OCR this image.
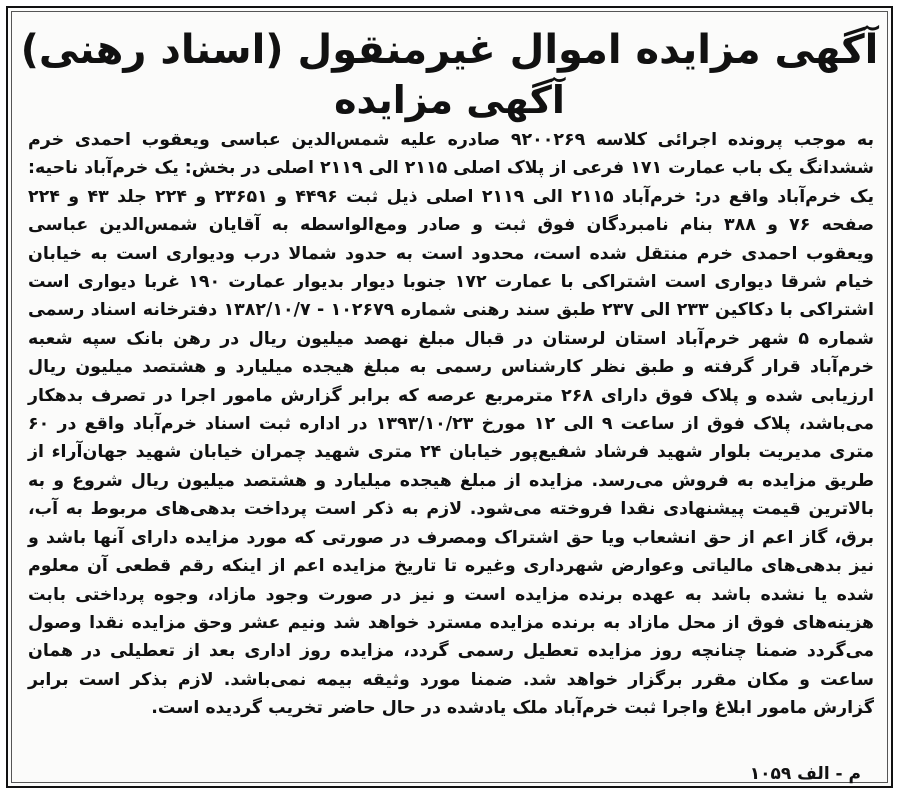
آگهی مزایده اموال غیرمنقول (اسناد رهنی)
آگهی مزایده

به موجب پرونده اجرائی کلاسه ۹۲۰۰۲۶۹ صادره علیه شمس‌الدین عباسی ویعقوب احمدی خرم ششدانگ یک باب عمارت ۱۷۱ فرعی از پلاک اصلی ۲۱۱۵ الی ۲۱۱۹ اصلی در بخش: یک خرم‌آباد ناحیه: یک خرم‌آباد واقع در: خرم‌آباد ۲۱۱۵ الی ۲۱۱۹ اصلی ذیل ثبت ۴۴۹۶ و ۲۳۶۵۱ و ۲۲۴ جلد ۴۳ و ۲۲۴ صفحه ۷۶ و ۳۸۸ بنام نامبردگان فوق ثبت و صادر ومع‌الواسطه به آقایان شمس‌الدین عباسی ویعقوب احمدی خرم منتقل شده است، محدود است به حدود شمالا درب ودیواری است به خیابان خیام شرقا دیواری است اشتراکی با عمارت ۱۷۲ جنوبا دیوار بدیوار عمارت ۱۹۰ غربا دیواری است اشتراکی با دکاکین ۲۳۳ الی ۲۳۷ طبق سند رهنی شماره ۱۰۲۶۷۹ - ۱۳۸۲/۱۰/۷ دفترخانه اسناد رسمی شماره ۵ شهر خرم‌آباد استان لرستان در قبال مبلغ نهصد میلیون ریال در رهن بانک سپه شعبه خرم‌آباد قرار گرفته و طبق نظر کارشناس رسمی به مبلغ هیجده میلیارد و هشتصد میلیون ریال ارزیابی شده و پلاک فوق دارای ۲۶۸ مترمربع عرصه که برابر گزارش مامور اجرا در تصرف بدهکار می‌باشد، پلاک فوق از ساعت ۹ الی ۱۲ مورخ ۱۳۹۳/۱۰/۲۳ در اداره ثبت اسناد خرم‌آباد واقع در ۶۰ متری مدیریت بلوار شهید فرشاد شفیع‌پور خیابان ۲۴ متری شهید چمران خیابان شهید جهان‌آراء از طریق مزایده به فروش می‌رسد. مزایده از مبلغ هیجده میلیارد و هشتصد میلیون ریال شروع و به بالاترین قیمت پیشنهادی نقدا فروخته می‌شود. لازم به ذکر است پرداخت بدهی‌های مربوط به آب، برق، گاز اعم از حق انشعاب ویا حق اشتراک ومصرف در صورتی که مورد مزایده دارای آنها باشد و نیز بدهی‌های مالیاتی وعوارض شهرداری وغیره تا تاریخ مزایده اعم از اینکه رقم قطعی آن معلوم شده یا نشده باشد به عهده برنده مزایده است و نیز در صورت وجود مازاد، وجوه پرداختی بابت هزینه‌های فوق از محل مازاد به برنده مزایده مسترد خواهد شد ونیم عشر وحق مزایده نقدا وصول می‌گردد ضمنا چنانچه روز مزایده تعطیل رسمی گردد، مزایده روز اداری بعد از تعطیلی در همان ساعت و مکان مقرر برگزار خواهد شد. ضمنا مورد وثیقه بیمه نمی‌باشد. لازم بذکر است برابر گزارش مامور ابلاغ واجرا ثبت خرم‌آباد ملک یادشده در حال حاضر تخریب گردیده است.

م - الف ۱۰۵۹
